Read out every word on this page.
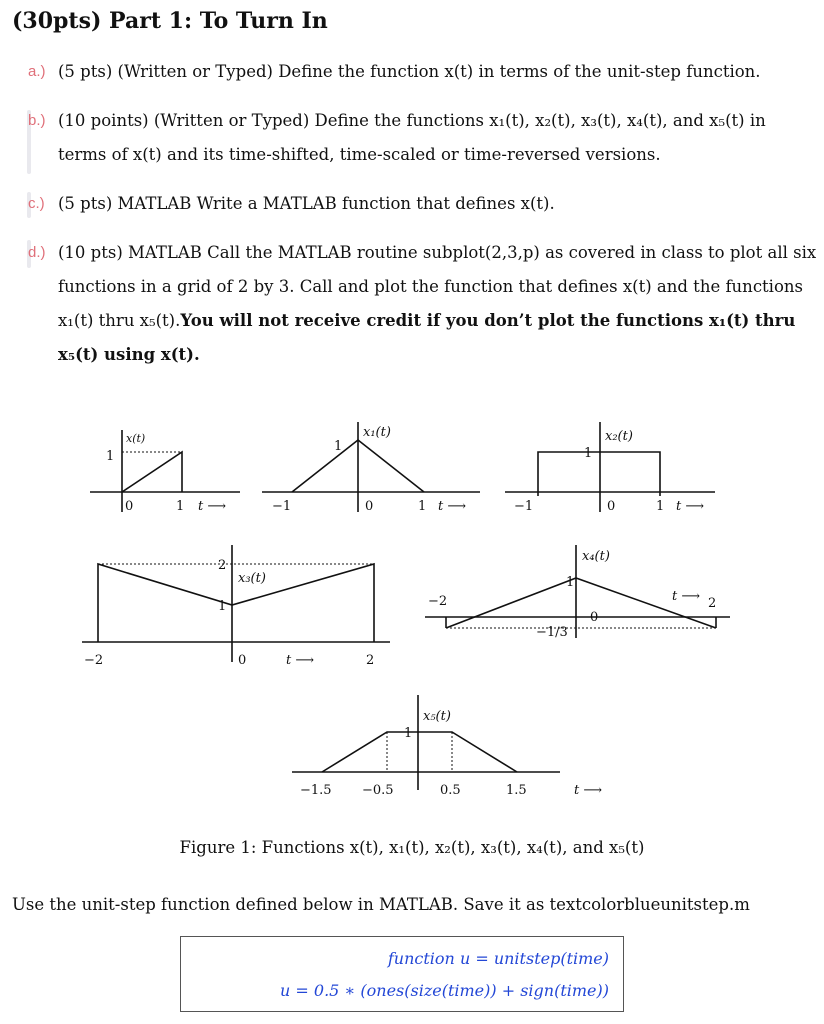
(30pts) Part 1: To Turn In
a.) (5 pts) (Written or Typed) Define the function x(t) in terms of the unit-step function.
b.) (10 points) (Written or Typed) Define the functions x₁(t), x₂(t), x₃(t), x₄(t), and x₅(t) in
terms of x(t) and its time-shifted, time-scaled or time-reversed versions.
c.) (5 pts) MATLAB Write a MATLAB function that defines x(t).
d.) (10 pts) MATLAB Call the MATLAB routine subplot(2,3,p) as covered in class to plot all six
functions in a grid of 2 by 3. Call and plot the function that defines x(t) and the functions
x₁(t) thru x₅(t).You will not receive credit if you don’t plot the functions x₁(t) thru
x₅(t) using x(t).
x(t)
1
0	1 t ⟶
x₁(t)
1
−1	0	1 t ⟶
x₂(t)
1
−1	0	1 t ⟶
x₃(t)
2
1
−2	0	2
t ⟶
x₄(t)
1
0
−1/3
−2	2
t ⟶
x₅(t)
1
−1.5 −0.5	0.5	1.5	t ⟶
Figure 1: Functions x(t), x₁(t), x₂(t), x₃(t), x₄(t), and x₅(t)
Use the unit-step function defined below in MATLAB. Save it as textcolorblueunitstep.m
function u = unitstep(time)
u = 0.5 ∗ (ones(size(time)) + sign(time))
